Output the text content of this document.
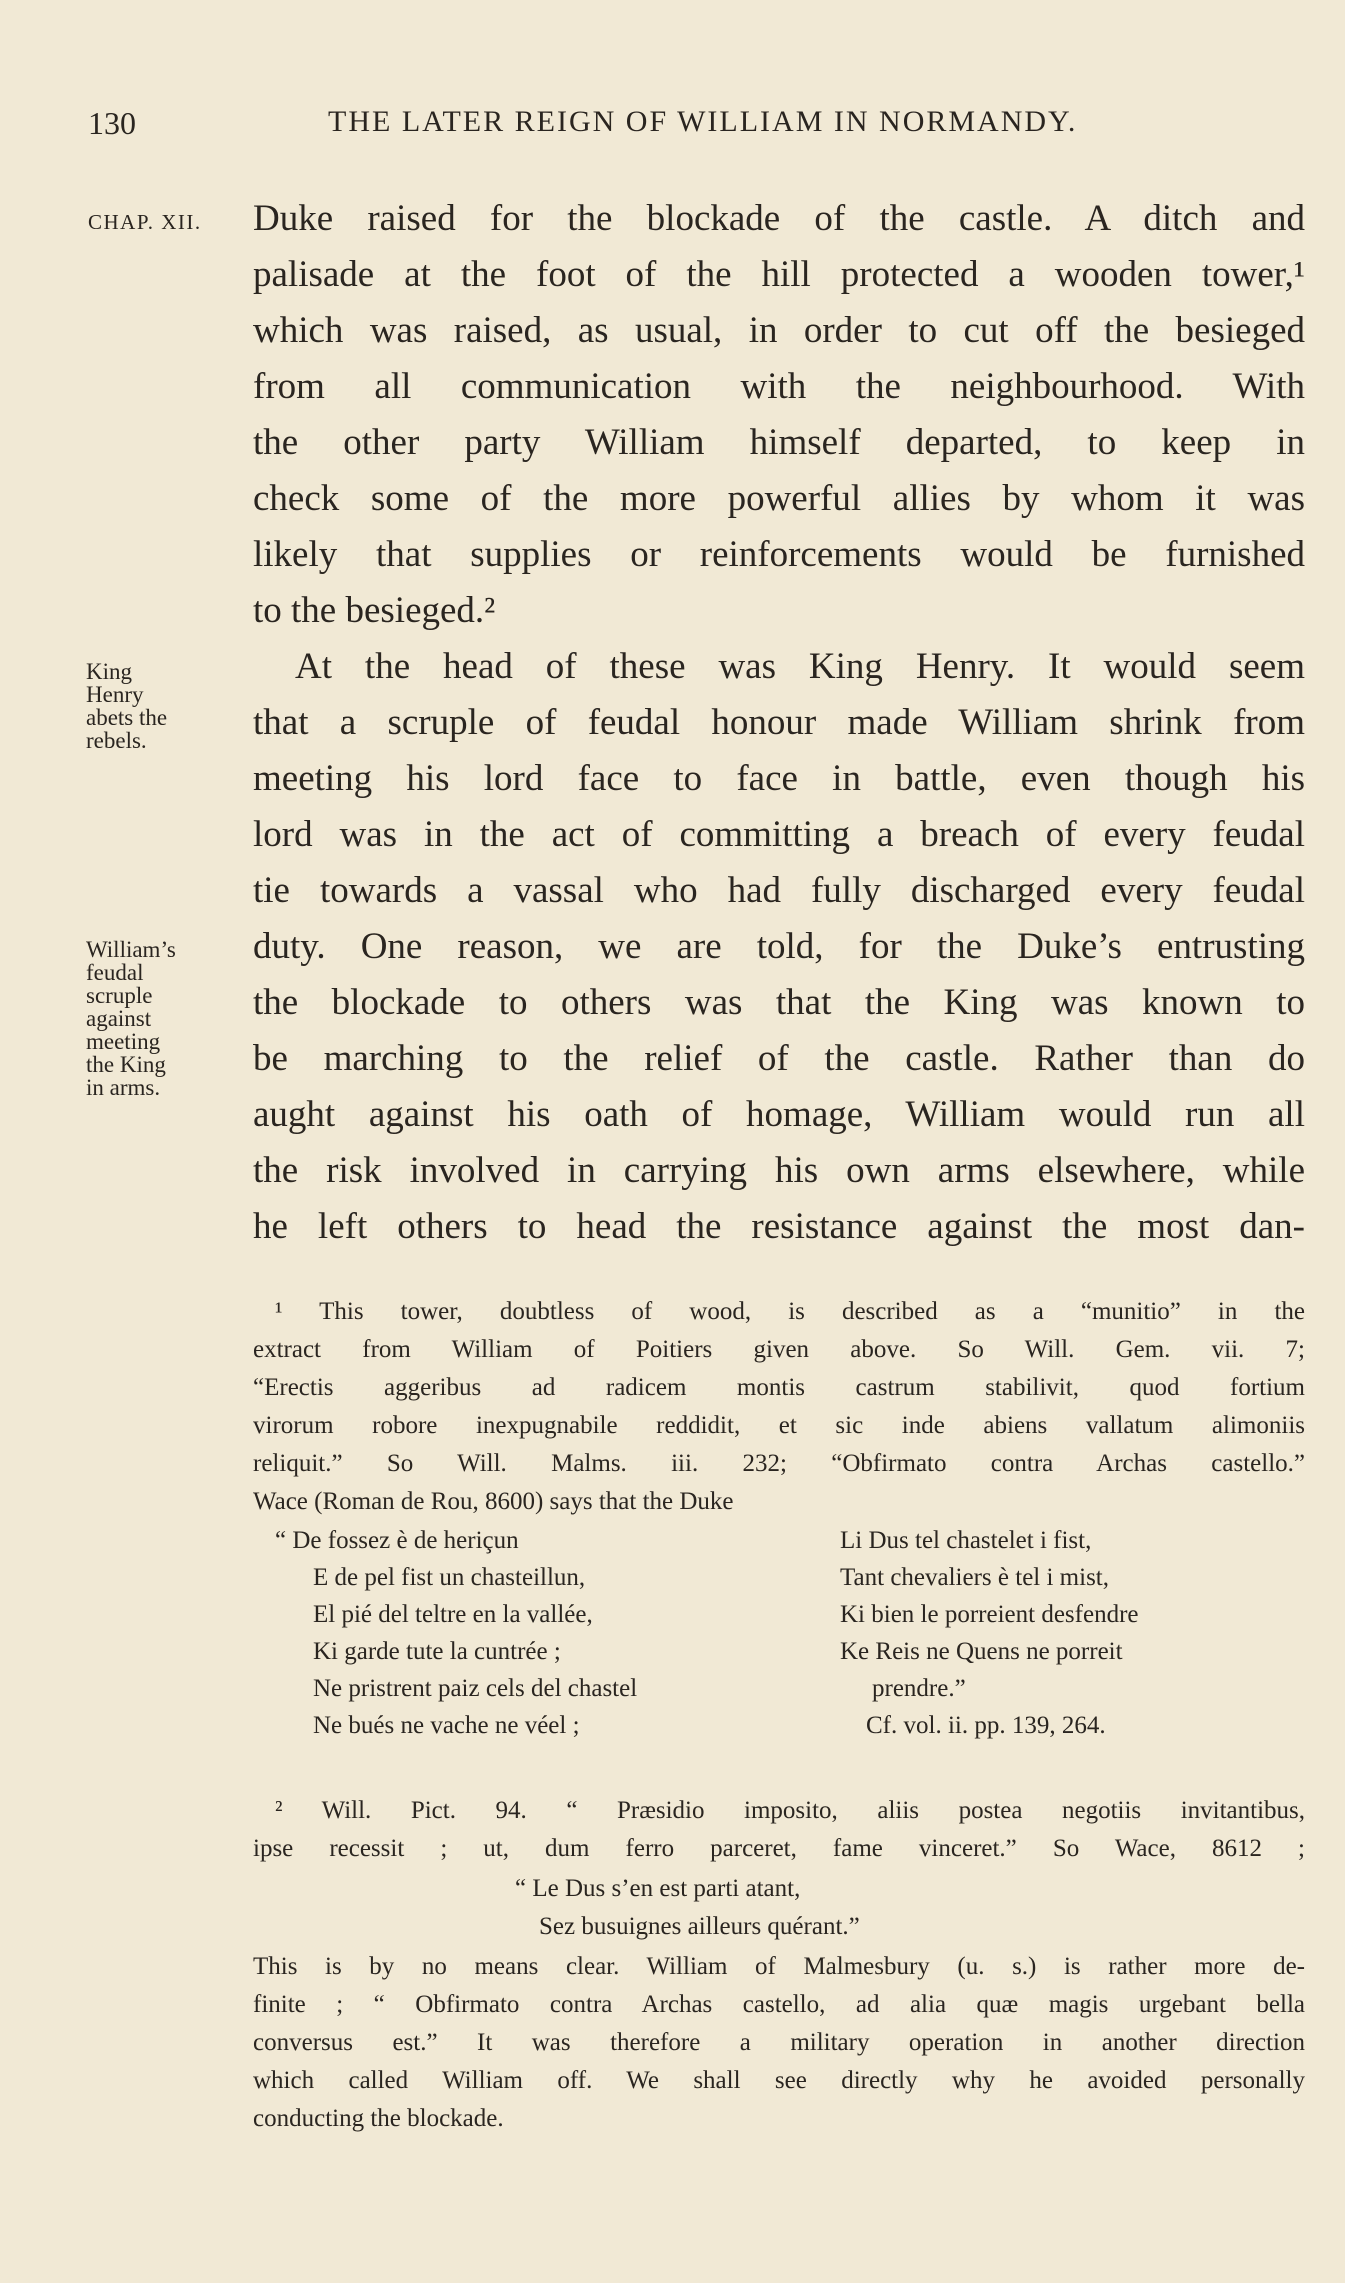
130	THE LATER REIGN OF WILLIAM IN NORMANDY.
CHAP. XII. Duke raised for the blockade of the castle. A ditch and
palisade at the foot of the hill protected a wooden tower,¹
which was raised, as usual, in order to cut off the besieged
from all communication with the neighbourhood. With
the other party William himself departed, to keep in
check some of the more powerful allies by whom it was
likely that supplies or reinforcements would be furnished
to the besieged.²
At the head of these was King Henry. It would seem
that a scruple of feudal honour made William shrink from
meeting his lord face to face in battle, even though his
lord was in the act of committing a breach of every feudal
tie towards a vassal who had fully discharged every feudal
duty. One reason, we are told, for the Duke’s entrusting
the blockade to others was that the King was known to
be marching to the relief of the castle. Rather than do
aught against his oath of homage, William would run all
the risk involved in carrying his own arms elsewhere, while
he left others to head the resistance against the most dan-
King
Henry
abets the
rebels.
William’s
feudal
scruple
against
meeting
the King
in arms.
¹ This tower, doubtless of wood, is described as a “munitio” in the
extract from William of Poitiers given above. So Will. Gem. vii. 7;
“Erectis aggeribus ad radicem montis castrum stabilivit, quod fortium
virorum robore inexpugnabile reddidit, et sic inde abiens vallatum alimoniis
reliquit.” So Will. Malms. iii. 232; “Obfirmato contra Archas castello.”
Wace (Roman de Rou, 8600) says that the Duke
“ De fossez è de heriçun
E de pel fist un chasteillun,
El pié del teltre en la vallée,
Ki garde tute la cuntrée ;
Ne pristrent paiz cels del chastel
Ne bués ne vache ne véel ;
Li Dus tel chastelet i fist,
Tant chevaliers è tel i mist,
Ki bien le porreient desfendre
Ke Reis ne Quens ne porreit
prendre.”
Cf. vol. ii. pp. 139, 264.
² Will. Pict. 94. “ Præsidio imposito, aliis postea negotiis invitantibus,
ipse recessit ; ut, dum ferro parceret, fame vinceret.” So Wace, 8612 ;
“ Le Dus s’en est parti atant,
Sez busuignes ailleurs quérant.”
This is by no means clear. William of Malmesbury (u. s.) is rather more de-
finite ; “ Obfirmato contra Archas castello, ad alia quæ magis urgebant bella
conversus est.” It was therefore a military operation in another direction
which called William off. We shall see directly why he avoided personally
conducting the blockade.
